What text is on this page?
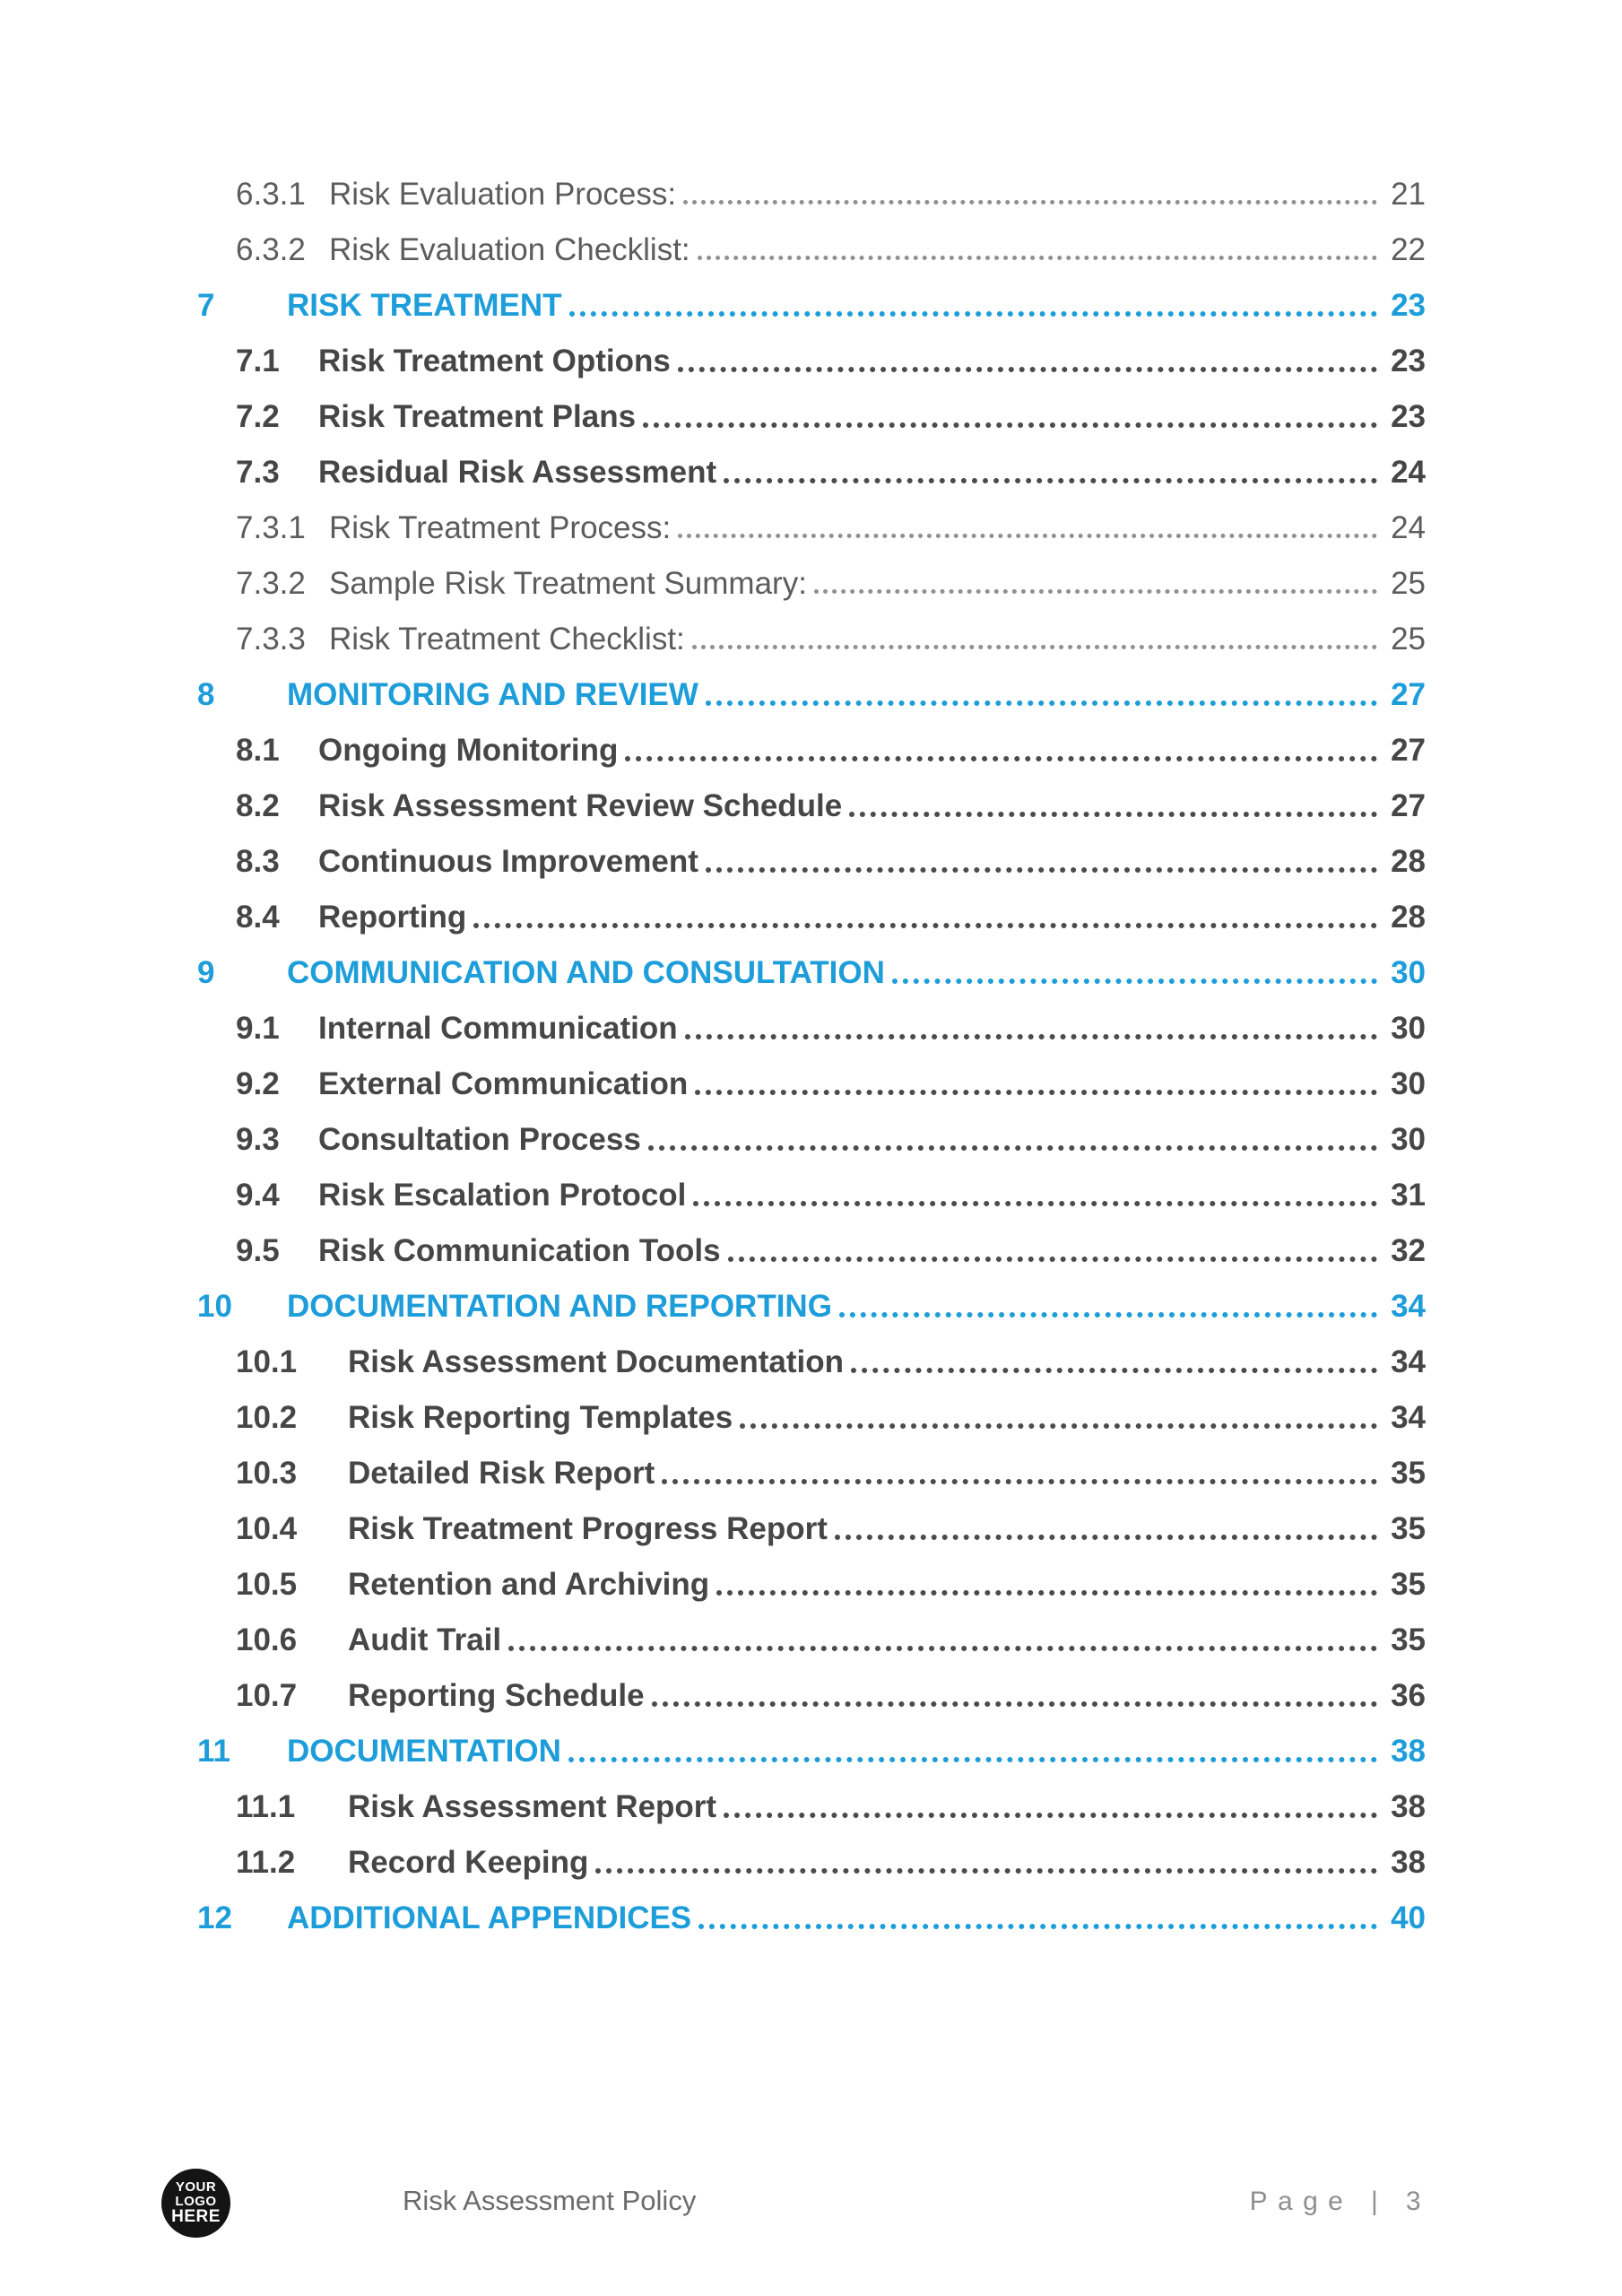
6.3.1 Risk Evaluation Process:	21
6.3.2 Risk Evaluation Checklist:	22
7	RISK TREATMENT	23
7.1	Risk Treatment Options	23
7.2	Risk Treatment Plans	23
7.3	Residual Risk Assessment	24
7.3.1 Risk Treatment Process:	24
7.3.2 Sample Risk Treatment Summary:	25
7.3.3 Risk Treatment Checklist:	25
8	MONITORING AND REVIEW	27
8.1	Ongoing Monitoring	27
8.2	Risk Assessment Review Schedule	27
8.3	Continuous Improvement	28
8.4	Reporting	28
9	COMMUNICATION AND CONSULTATION	30
9.1	Internal Communication	30
9.2	External Communication	30
9.3	Consultation Process	30
9.4	Risk Escalation Protocol	31
9.5	Risk Communication Tools	32
10	DOCUMENTATION AND REPORTING	34
10.1	Risk Assessment Documentation	34
10.2	Risk Reporting Templates	34
10.3	Detailed Risk Report	35
10.4	Risk Treatment Progress Report	35
10.5	Retention and Archiving	35
10.6	Audit Trail	35
10.7	Reporting Schedule	36
11	DOCUMENTATION	38
11.1	Risk Assessment Report	38
11.2	Record Keeping	38
12	ADDITIONAL APPENDICES	40
YOUR
LOGO
HERE
Risk Assessment Policy	Page | 3
